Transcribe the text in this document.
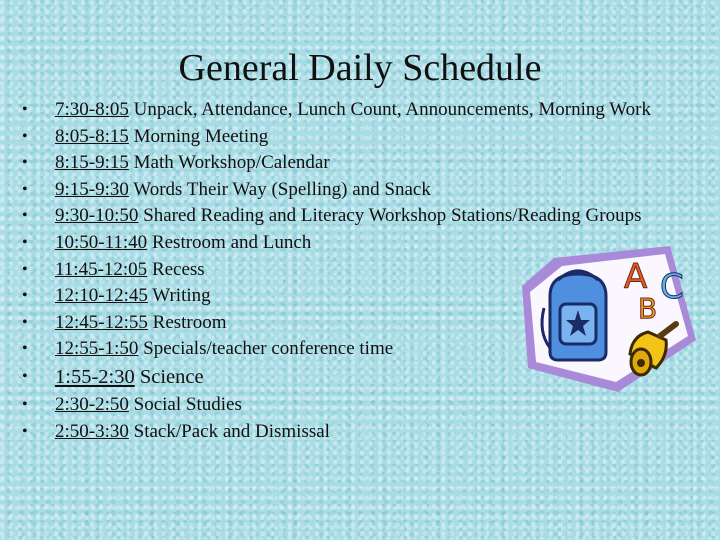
General Daily Schedule
• 7:30-8:05 Unpack, Attendance, Lunch Count, Announcements, Morning Work
• 8:05-8:15 Morning Meeting
• 8:15-9:15 Math Workshop/Calendar
• 9:15-9:30 Words Their Way (Spelling) and Snack
• 9:30-10:50 Shared Reading and Literacy Workshop Stations/Reading Groups
• 10:50-11:40 Restroom and Lunch
• 11:45-12:05 Recess
• 12:10-12:45 Writing
• 12:45-12:55 Restroom
• 12:55-1:50 Specials/teacher conference time
• 1:55-2:30 Science
• 2:30-2:50 Social Studies
• 2:50-3:30 Stack/Pack and Dismissal
A C
B
